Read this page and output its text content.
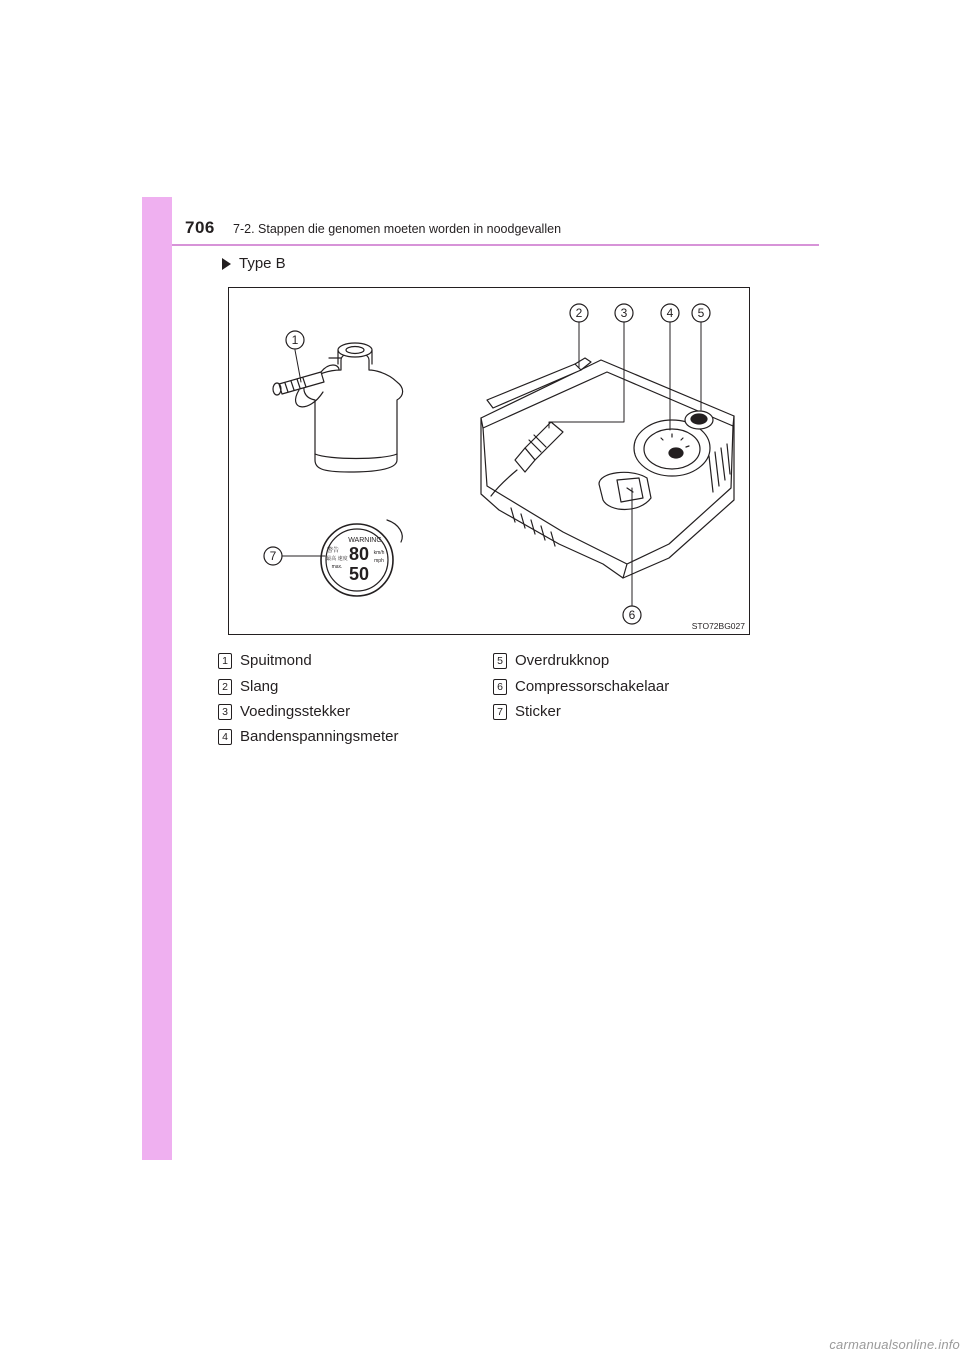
706 7-2. Stappen die genomen moeten worden in noodgevallen
Type B
1
2	3	4 5
6
7
WARNING
80
50
max.
km/h
mph
警告
最高 速度
STO72BG027
1 Spuitmond
2 Slang
3 Voedingsstekker
4 Bandenspanningsmeter
5 Overdrukknop
6 Compressorschakelaar
7 Sticker
carmanualsonline.info
